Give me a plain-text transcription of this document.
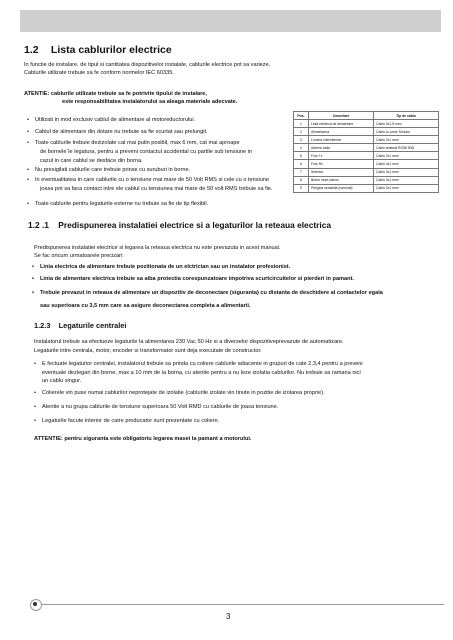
1.2 Lista cablurilor electrice
In functie de instalare, de tipul si cantitatea dispozitivelor instalate, cablurile electrice pot sa varieze.
Cablurile utilizate trebuie sa fe conform normelor IEC 60335.
ATENTIE: cablurile utilizate trebuie sa fe potrivite tipului de instalare,
este responsabilitatea instalatorului sa aleaga materiale adecvate.
Pos.	Conectare	Tip de cablu
1	Linia electrica de alimentare	Cablu 3x1,5 mm²
2	Alimentarea	Cablu cu prize Schuko
3	Lumina intermitenta	Cablu 2x1 mm²
4	Antena radio	Cablu antenat RG58 50Ω
5	Foto Tx	Cablu 2x1 mm²
6	Foto Rx	Cablu 4x1 mm²
7	Selector	Cablu 3x1 mm²
8	Buton mure panou	Cablu 3x1 mm²
9	Perigica sensibila (nominal)	Cablu 2x1 mm²
• Utilizati in mod exclusiv cablul de alimentare al motoreductorului.
• Cablul de alimentare din dotare nu trebuie sa fie scurtat sau prelungit.
• Toate cablurile trebuie dezizolate cat mai putin posibil, max 6 mm, cat mai aproape
de borneleˇle legatura, pentru a preveni contactul accidental cu partile sub tensiune in
cazul in care cablul se desface din borna.
• Nu presigilati cablurile care trebuie prinse cu suruburi in borne.
• In eventualitatea in care cablurile cu o tensiune mai mare de 50 Volt RMS si cele cu o tensiune
joasa pot sa faca contact intre ele cablul cu tensiunea mai mare de 50 volt RMS trebuie sa fie.
• Toate cablurile pentru legaturile externe nu trebuie sa fie de tip flexibil.
1.2 .1 Predispunerea instalatiei electrice si a legaturilor la reteaua electrica
Predispunerea instalatiei electrice si legarea la reteaua electrica nu este prevazuta in acest manual.
Se fac oricum urmatoarele precizari:
• Linia electrica de alimentare trebuie pozitionata de un elctrician sau un instalator profesionist.
• Linia de alimentare electrica trebuie sa aiba protectia corespunzatoare impotriva scurtcircuitelor si pierderi in pamant.
• Trebuie prevazut in reteaua de alimentare un dispozitiv de deconectare (siguranta) cu distanta de deschidere al contactelor egala
sau superioara cu 3,5 mm care sa asigure deconectarea completa a alimentarii.
1.2.3 Legaturile centralei
Instalatorul trebuie sa efectueze legaturile la alimentarea 230 Vac 50 Hz si a diverselor dispozitiveprevazute de automatizare.
Legaturile intre centrala, motor, encoder si transformator sunt deja executate de constructor.
• E fectuate legaturior centralei, instalatorul trebuie sa prinda cu coliere cablurile adiacente in grupuri de cate 2,3,4 pentru a preveni
eventuale dezlegari din borne, max a 10 mm de la borna, cu atentie pentru a nu leze izolatia cablurilor. Nu trebuie sa ramana nici
un cablu singur.
• Colierele vin puse numai cablurilor neprotejate de izolatie (cablurile izolate vin tinute in pozitie de izolarea proprie).
• Atentie a nu grupa cablurile de tensiune superioara 50 Volt RMD cu cablurile de joasa tensiune.
• Legaturile facute interior de catre producator sunt prezentate cu coliere.
ATTENTIE: pentru siguranta este obligatoriu legarea masei la pamant a motorului.
3
